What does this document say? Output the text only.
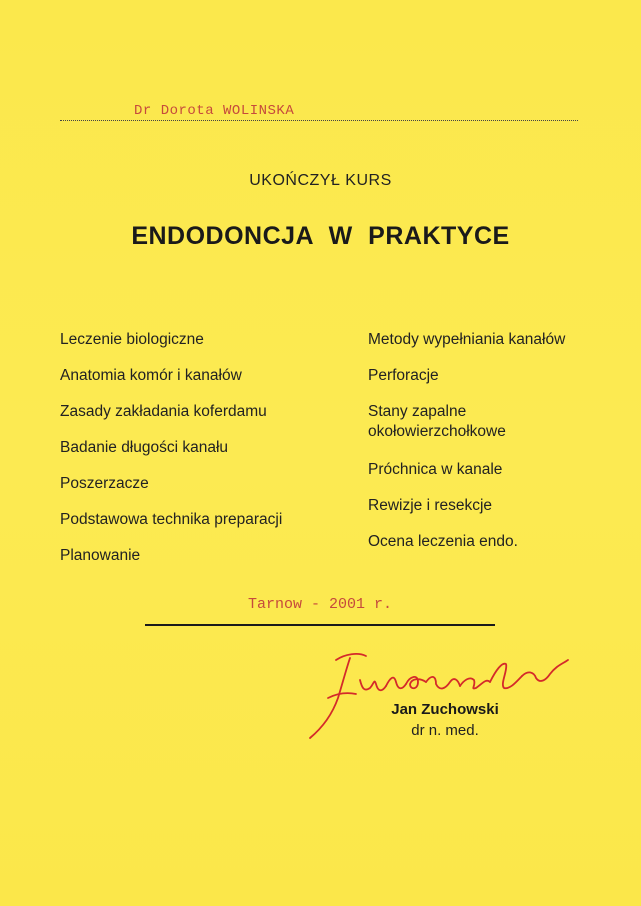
Dr Dorota WOLINSKA
UKOŃCZYŁ KURS
ENDODONCJA W PRAKTYCE
Leczenie biologiczne
Anatomia komór i kanałów
Zasady zakładania koferdamu
Badanie długości kanału
Poszerzacze
Podstawowa technika preparacji
Planowanie
Metody wypełniania kanałów
Perforacje
Stany zapalne okołowierzchołkowe
Próchnica w kanale
Rewizje i resekcje
Ocena leczenia endo.
Tarnow - 2001 r.
Jan Zuchowski
dr n. med.
